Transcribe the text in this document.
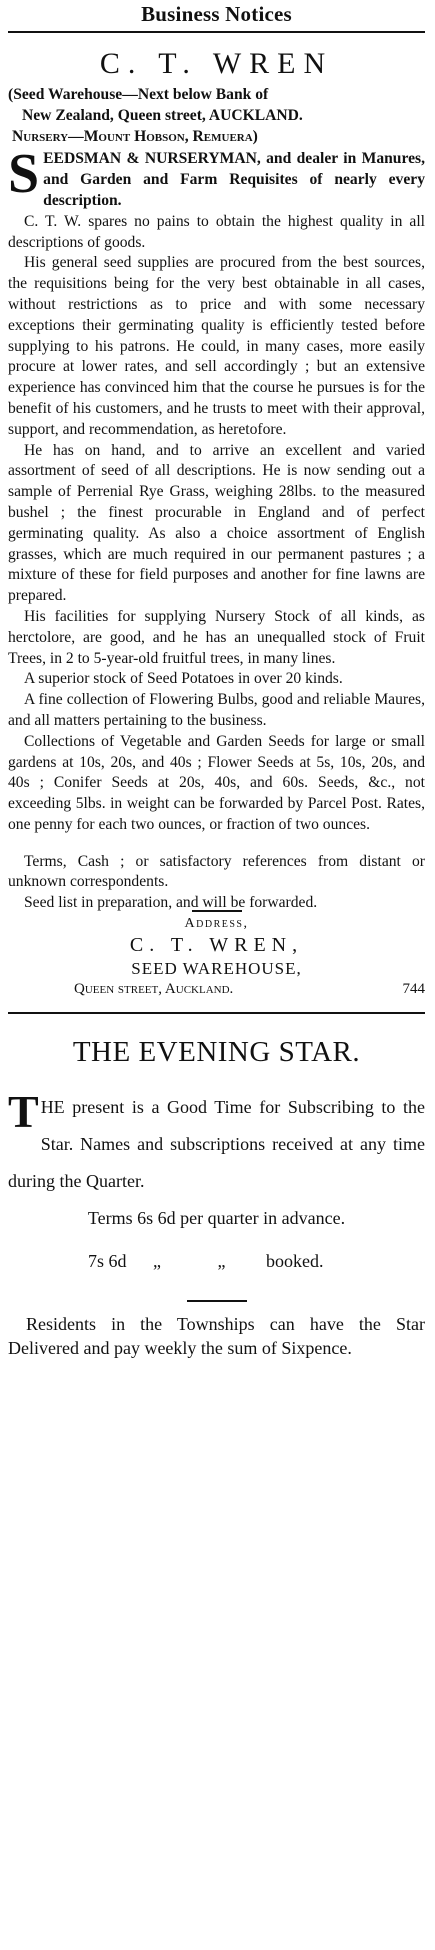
Business Notices
C. T. WREN

(Seed Warehouse—Next below Bank of

New Zealand, Queen street, AUCKLAND.

Nursery—Mount Hobson, Remuera)

SEEDSMAN & NURSERYMAN, and dealer in Manures, and Garden and Farm Requisites of nearly every description.

C. T. W. spares no pains to obtain the highest quality in all descriptions of goods.

His general seed supplies are procured from the best sources, the requisitions being for the very best obtainable in all cases, without restrictions as to price and with some necessary exceptions their germinating quality is efficiently tested before supplying to his patrons. He could, in many cases, more easily procure at lower rates, and sell accordingly ; but an extensive experience has convinced him that the course he pursues is for the benefit of his customers, and he trusts to meet with their approval, support, and recommendation, as heretofore.

He has on hand, and to arrive an excellent and varied assortment of seed of all descriptions. He is now sending out a sample of Perrenial Rye Grass, weighing 28lbs. to the measured bushel ; the finest procurable in England and of perfect germinating quality. As also a choice assortment of English grasses, which are much required in our permanent pastures ; a mixture of these for field purposes and another for fine lawns are prepared.

His facilities for supplying Nursery Stock of all kinds, as herctolore, are good, and he has an unequalled stock of Fruit Trees, in 2 to 5-year-old fruitful trees, in many lines.

A superior stock of Seed Potatoes in over 20 kinds.

A fine collection of Flowering Bulbs, good and reliable Maures, and all matters pertaining to the business.

Collections of Vegetable and Garden Seeds for large or small gardens at 10s, 20s, and 40s ; Flower Seeds at 5s, 10s, 20s, and 40s ; Conifer Seeds at 20s, 40s, and 60s. Seeds, &c., not exceeding 5lbs. in weight can be forwarded by Parcel Post. Rates, one penny for each two ounces, or fraction of two ounces.

Terms, Cash ; or satisfactory references from distant or unknown correspondents.

Seed list in preparation, and will be forwarded.

Address,

C. T. WREN,

SEED WAREHOUSE,

Queen street, Auckland.	744
THE EVENING STAR.

THE present is a Good Time for Subscribing to the Star. Names and subscriptions received at any time during the Quarter.

Terms 6s 6d per quarter in advance.

7s 6d „ „ booked.

Residents in the Townships can have the Star Delivered and pay weekly the sum of Sixpence.
